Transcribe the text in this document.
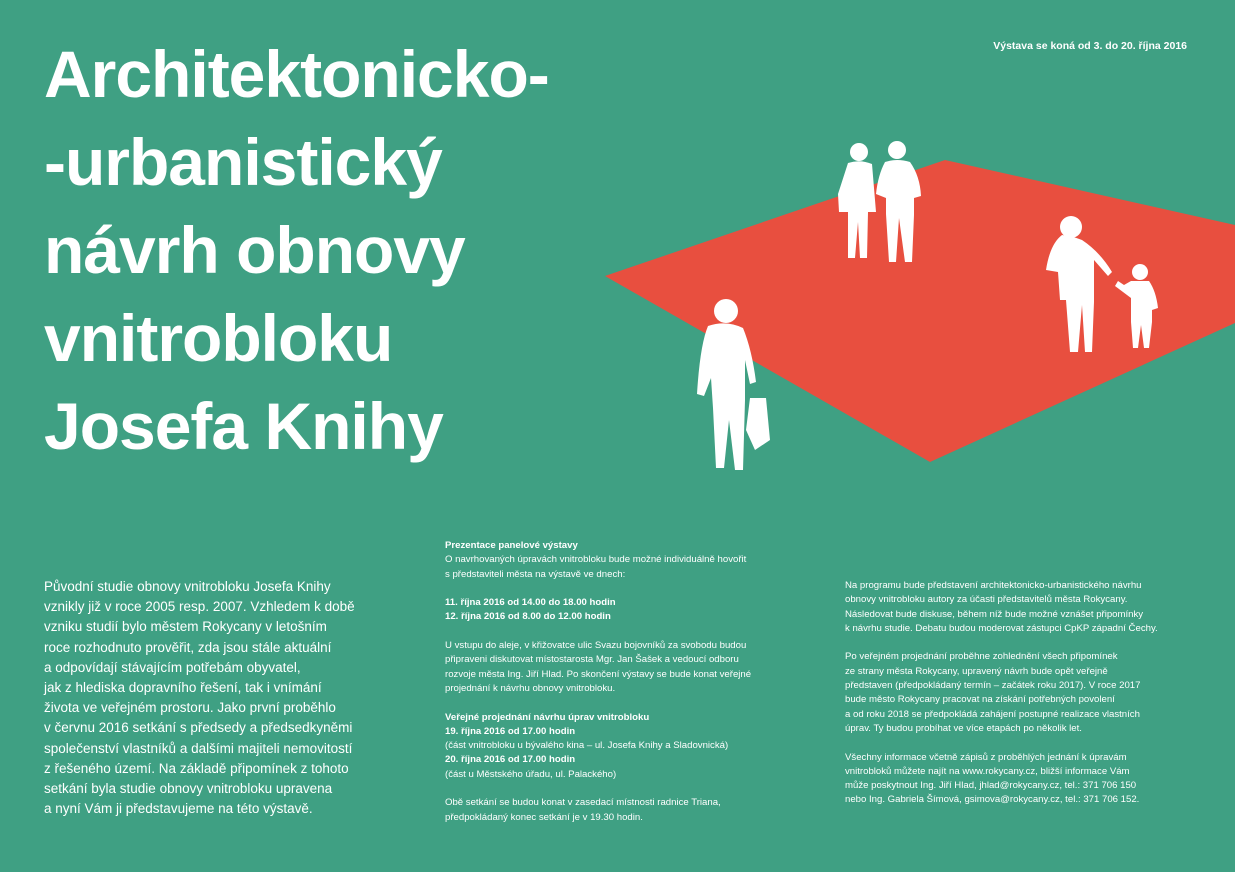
Architektonicko-
-urbanistický
návrh obnovy
vnitrobloku
Josefa Knihy
Výstava se koná od 3. do 20. října 2016
Původní studie obnovy vnitrobloku Josefa Knihy
vznikly již v roce 2005 resp. 2007. Vzhledem k době
vzniku studií bylo městem Rokycany v letošním
roce rozhodnuto prověřit, zda jsou stále aktuální
a odpovídají stávajícím potřebám obyvatel,
jak z hlediska dopravního řešení, tak i vnímání
života ve veřejném prostoru. Jako první proběhlo
v červnu 2016 setkání s předsedy a předsedkyněmi
společenství vlastníků a dalšími majiteli nemovitostí
z řešeného území. Na základě připomínek z tohoto
setkání byla studie obnovy vnitrobloku upravena
a nyní Vám ji představujeme na této výstavě.
Prezentace panelové výstavy
O navrhovaných úpravách vnitrobloku bude možné individuálně hovořit
s představiteli města na výstavě ve dnech:
11. října 2016 od 14.00 do 18.00 hodin
12. října 2016 od 8.00 do 12.00 hodin
U vstupu do aleje, v křižovatce ulic Svazu bojovníků za svobodu budou
připraveni diskutovat místostarosta Mgr. Jan Šašek a vedoucí odboru
rozvoje města Ing. Jiří Hlad. Po skončení výstavy se bude konat veřejné
projednání k návrhu obnovy vnitrobloku.
Veřejné projednání návrhu úprav vnitrobloku
19. října 2016 od 17.00 hodin
(část vnitrobloku u bývalého kina – ul. Josefa Knihy a Sladovnická)
20. října 2016 od 17.00 hodin
(část u Městského úřadu, ul. Palackého)
Obě setkání se budou konat v zasedací místnosti radnice Triana,
předpokládaný konec setkání je v 19.30 hodin.
Na programu bude představení architektonicko-urbanistického návrhu
obnovy vnitrobloku autory za účasti představitelů města Rokycany.
Následovat bude diskuse, během níž bude možné vznášet připomínky
k návrhu studie. Debatu budou moderovat zástupci CpKP západní Čechy.
Po veřejném projednání proběhne zohlednění všech připomínek
ze strany města Rokycany, upravený návrh bude opět veřejně
představen (předpokládaný termín – začátek roku 2017). V roce 2017
bude město Rokycany pracovat na získání potřebných povolení
a od roku 2018 se předpokládá zahájení postupné realizace vlastních
úprav. Ty budou probíhat ve více etapách po několik let.
Všechny informace včetně zápisů z proběhlých jednání k úpravám
vnitrobloků můžete najít na www.rokycany.cz, bližší informace Vám
může poskytnout Ing. Jiří Hlad, jhlad@rokycany.cz, tel.: 371 706 150
nebo Ing. Gabriela Šímová, gsimova@rokycany.cz, tel.: 371 706 152.
